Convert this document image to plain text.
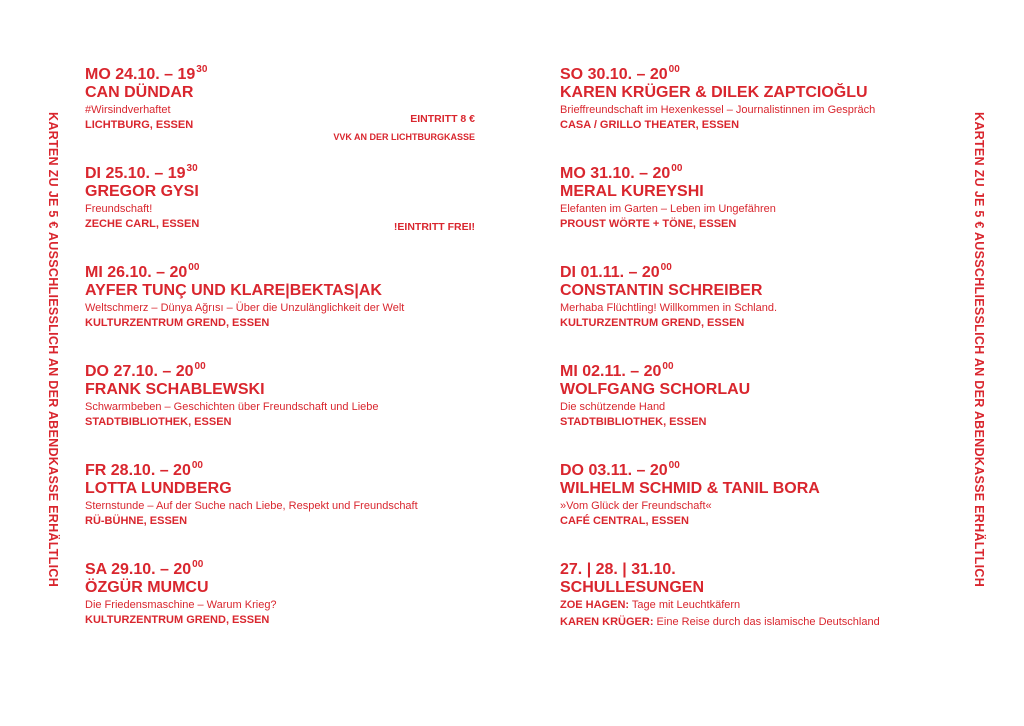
KARTEN ZU JE 5 € AUSSCHLIESSLICH AN DER ABENDKASSE ERHÄLTLICH	KARTEN ZU JE 5 € AUSSCHLIESSLICH AN DER ABENDKASSE ERHÄLTLICH
MO 24.10. – $19^{30}$
CAN DÜNDAR
#Wirsindverhaftet
LICHTBURG, ESSEN	EINTRITT 8 €
VVK AN DER LICHTBURGKASSE
DI 25.10. – $19^{30}$
GREGOR GYSI
Freundschaft!
ZECHE CARL, ESSEN	!EINTRITT FREI!
MI 26.10. – $20^{00}$
AYFER TUNÇ UND KLARE|BEKTAS|AK
Weltschmerz – Dünya Ağrısı – Über die Unzulänglichkeit der Welt
KULTURZENTRUM GREND, ESSEN
DO 27.10. – $20^{00}$
FRANK SCHABLEWSKI
Schwarmbeben – Geschichten über Freundschaft und Liebe
STADTBIBLIOTHEK, ESSEN
FR 28.10. – $20^{00}$
LOTTA LUNDBERG
Sternstunde – Auf der Suche nach Liebe, Respekt und Freundschaft
RÜ-BÜHNE, ESSEN
SA 29.10. – $20^{00}$
ÖZGÜR MUMCU
Die Friedensmaschine – Warum Krieg?
KULTURZENTRUM GREND, ESSEN
SO 30.10. – $20^{00}$
KAREN KRÜGER & DILEK ZAPTCIOĞLU
Brieffreundschaft im Hexenkessel – Journalistinnen im Gespräch
CASA / GRILLO THEATER, ESSEN
MO 31.10. – $20^{00}$
MERAL KUREYSHI
Elefanten im Garten – Leben im Ungefähren
PROUST WÖRTE + TÖNE, ESSEN
DI 01.11. – $20^{00}$
CONSTANTIN SCHREIBER
Merhaba Flüchtling! Willkommen in Schland.
KULTURZENTRUM GREND, ESSEN
MI 02.11. – $20^{00}$
WOLFGANG SCHORLAU
Die schützende Hand
STADTBIBLIOTHEK, ESSEN
DO 03.11. – $20^{00}$
WILHELM SCHMID & TANIL BORA
»Vom Glück der Freundschaft«
CAFÉ CENTRAL, ESSEN
27. | 28. | 31.10.
SCHULLESUNGEN
ZOE HAGEN: Tage mit Leuchtkäfern
KAREN KRÜGER: Eine Reise durch das islamische Deutschland
